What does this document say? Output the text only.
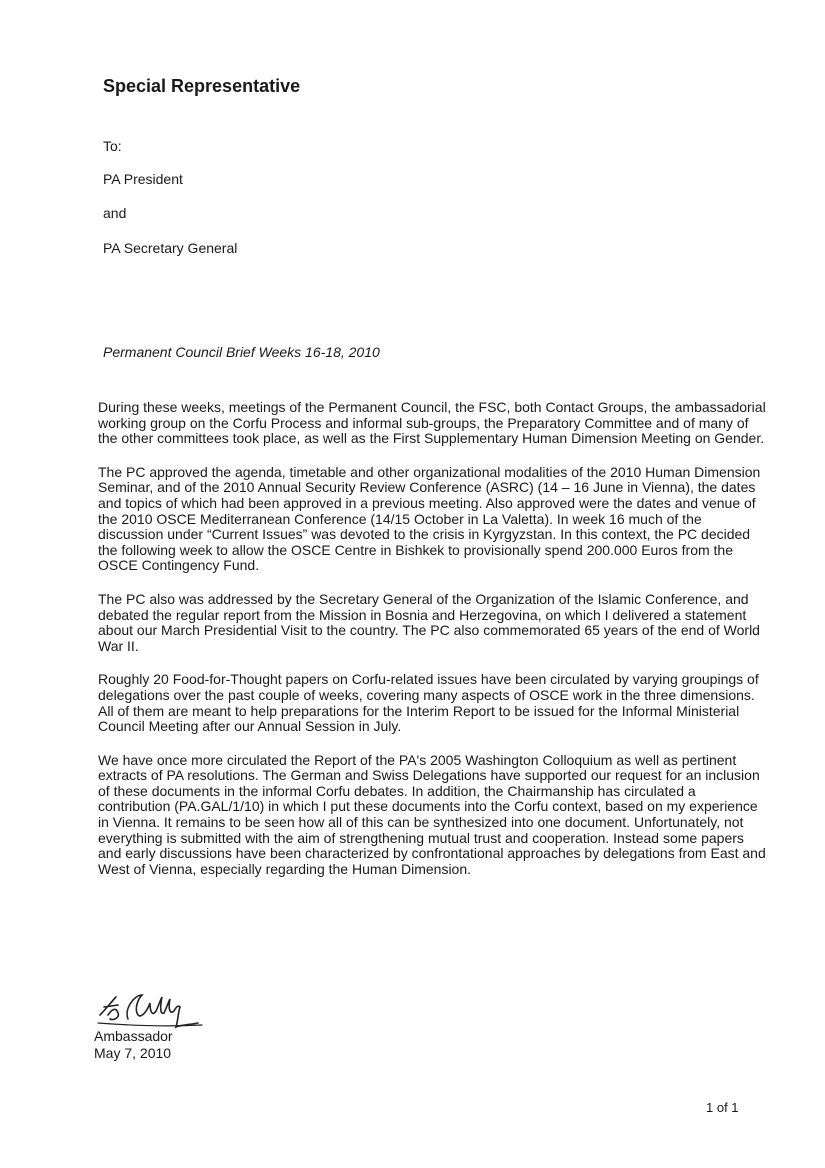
Special Representative

To:

PA President

and

PA Secretary General

Permanent Council Brief Weeks 16-18, 2010

During these weeks, meetings of the Permanent Council, the FSC, both Contact Groups, the ambassadorial working group on the Corfu Process and informal sub-groups, the Preparatory Committee and of many of the other committees took place, as well as the First Supplementary Human Dimension Meeting on Gender.

The PC approved the agenda, timetable and other organizational modalities of the 2010 Human Dimension Seminar, and of the 2010 Annual Security Review Conference (ASRC) (14 – 16 June in Vienna), the dates and topics of which had been approved in a previous meeting. Also approved were the dates and venue of the 2010 OSCE Mediterranean Conference (14/15 October in La Valetta). In week 16 much of the discussion under “Current Issues” was devoted to the crisis in Kyrgyzstan. In this context, the PC decided the following week to allow the OSCE Centre in Bishkek to provisionally spend 200.000 Euros from the OSCE Contingency Fund.

The PC also was addressed by the Secretary General of the Organization of the Islamic Conference, and debated the regular report from the Mission in Bosnia and Herzegovina, on which I delivered a statement about our March Presidential Visit to the country. The PC also commemorated 65 years of the end of World War II.

Roughly 20 Food-for-Thought papers on Corfu-related issues have been circulated by varying groupings of delegations over the past couple of weeks, covering many aspects of OSCE work in the three dimensions. All of them are meant to help preparations for the Interim Report to be issued for the Informal Ministerial Council Meeting after our Annual Session in July.

We have once more circulated the Report of the PA's 2005 Washington Colloquium as well as pertinent extracts of PA resolutions. The German and Swiss Delegations have supported our request for an inclusion of these documents in the informal Corfu debates. In addition, the Chairmanship has circulated a contribution (PA.GAL/1/10) in which I put these documents into the Corfu context, based on my experience in Vienna. It remains to be seen how all of this can be synthesized into one document. Unfortunately, not everything is submitted with the aim of strengthening mutual trust and cooperation. Instead some papers and early discussions have been characterized by confrontational approaches by delegations from East and West of Vienna, especially regarding the Human Dimension.

Ambassador

May 7, 2010

1 of 1
